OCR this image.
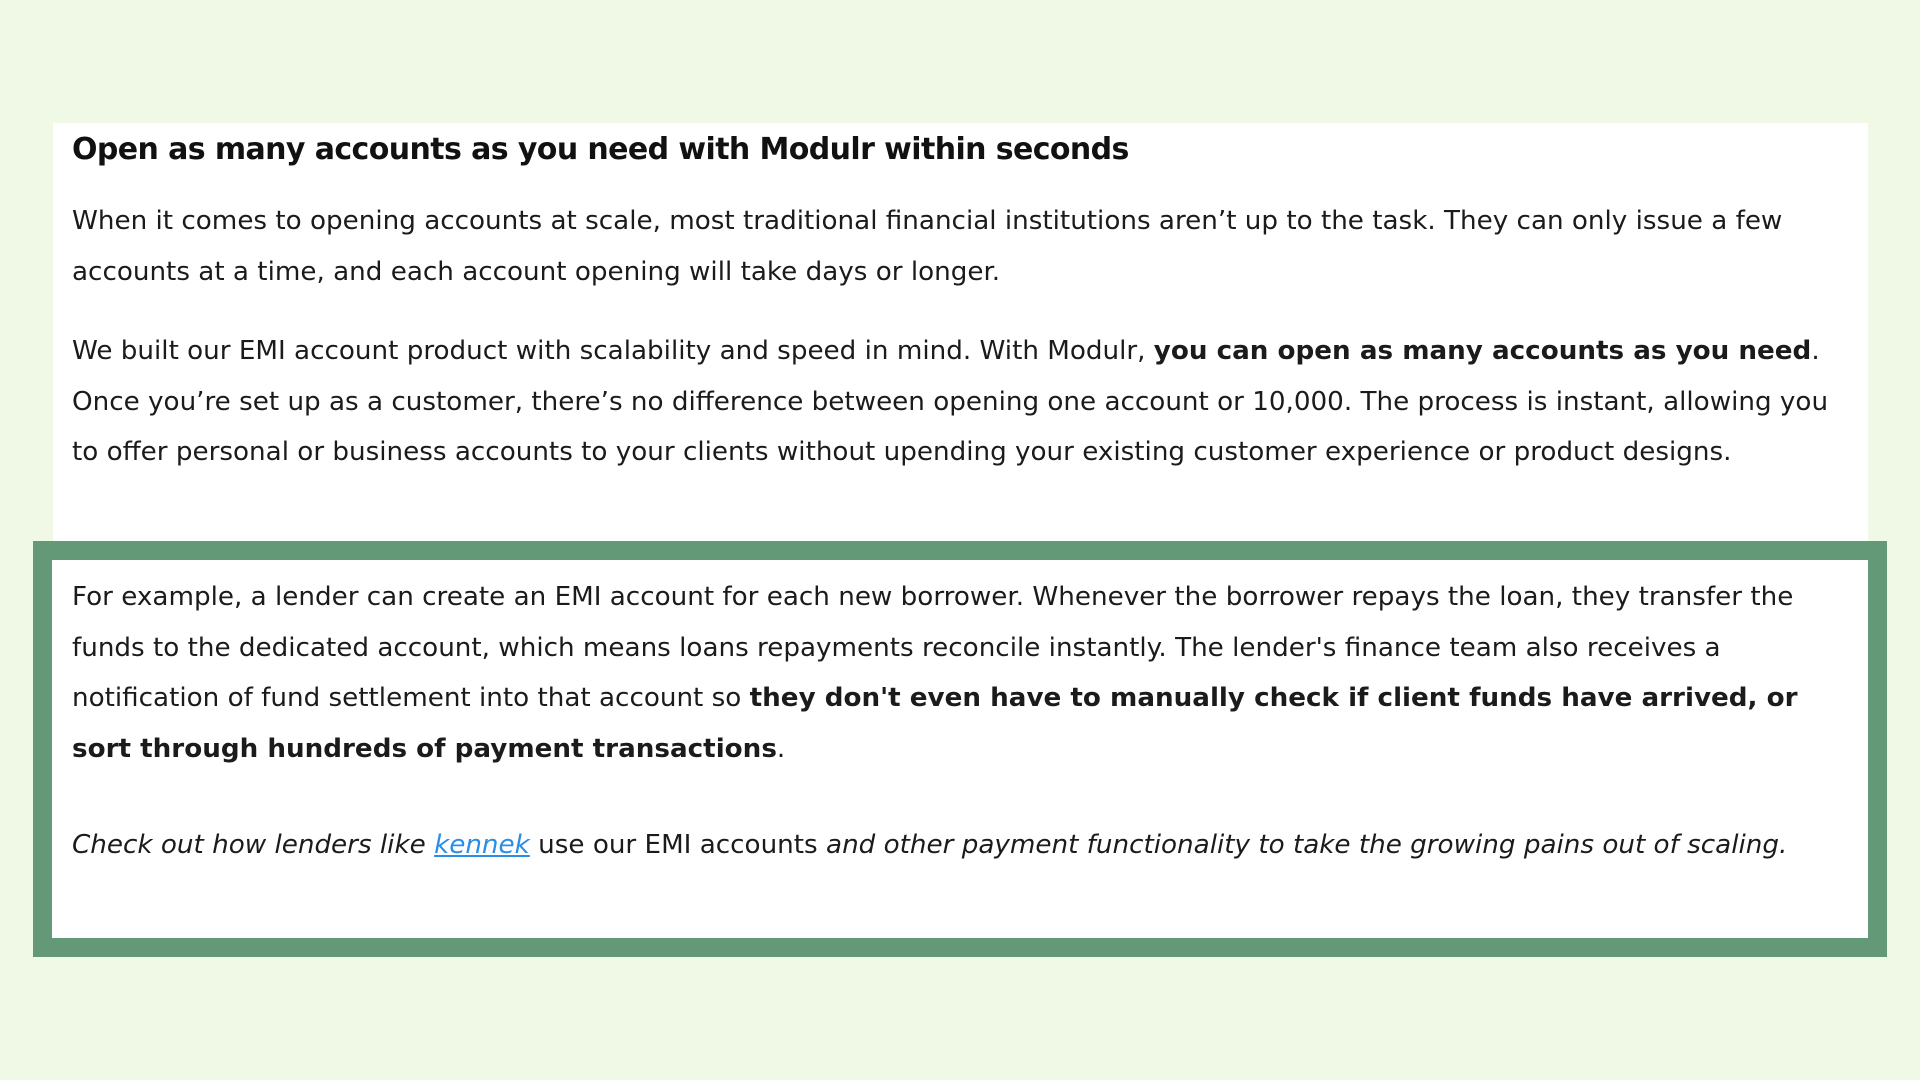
Open as many accounts as you need with Modulr within seconds

When it comes to opening accounts at scale, most traditional financial institutions aren’t up to the task. They can only issue a few accounts at a time, and each account opening will take days or longer.

We built our EMI account product with scalability and speed in mind. With Modulr, you can open as many accounts as you need. Once you’re set up as a customer, there’s no difference between opening one account or 10,000. The process is instant, allowing you to offer personal or business accounts to your clients without upending your existing customer experience or product designs.

For example, a lender can create an EMI account for each new borrower. Whenever the borrower repays the loan, they transfer the funds to the dedicated account, which means loans repayments reconcile instantly. The lender's finance team also receives a notification of fund settlement into that account so they don't even have to manually check if client funds have arrived, or sort through hundreds of payment transactions.

Check out how lenders like kennek use our EMI accounts and other payment functionality to take the growing pains out of scaling.
